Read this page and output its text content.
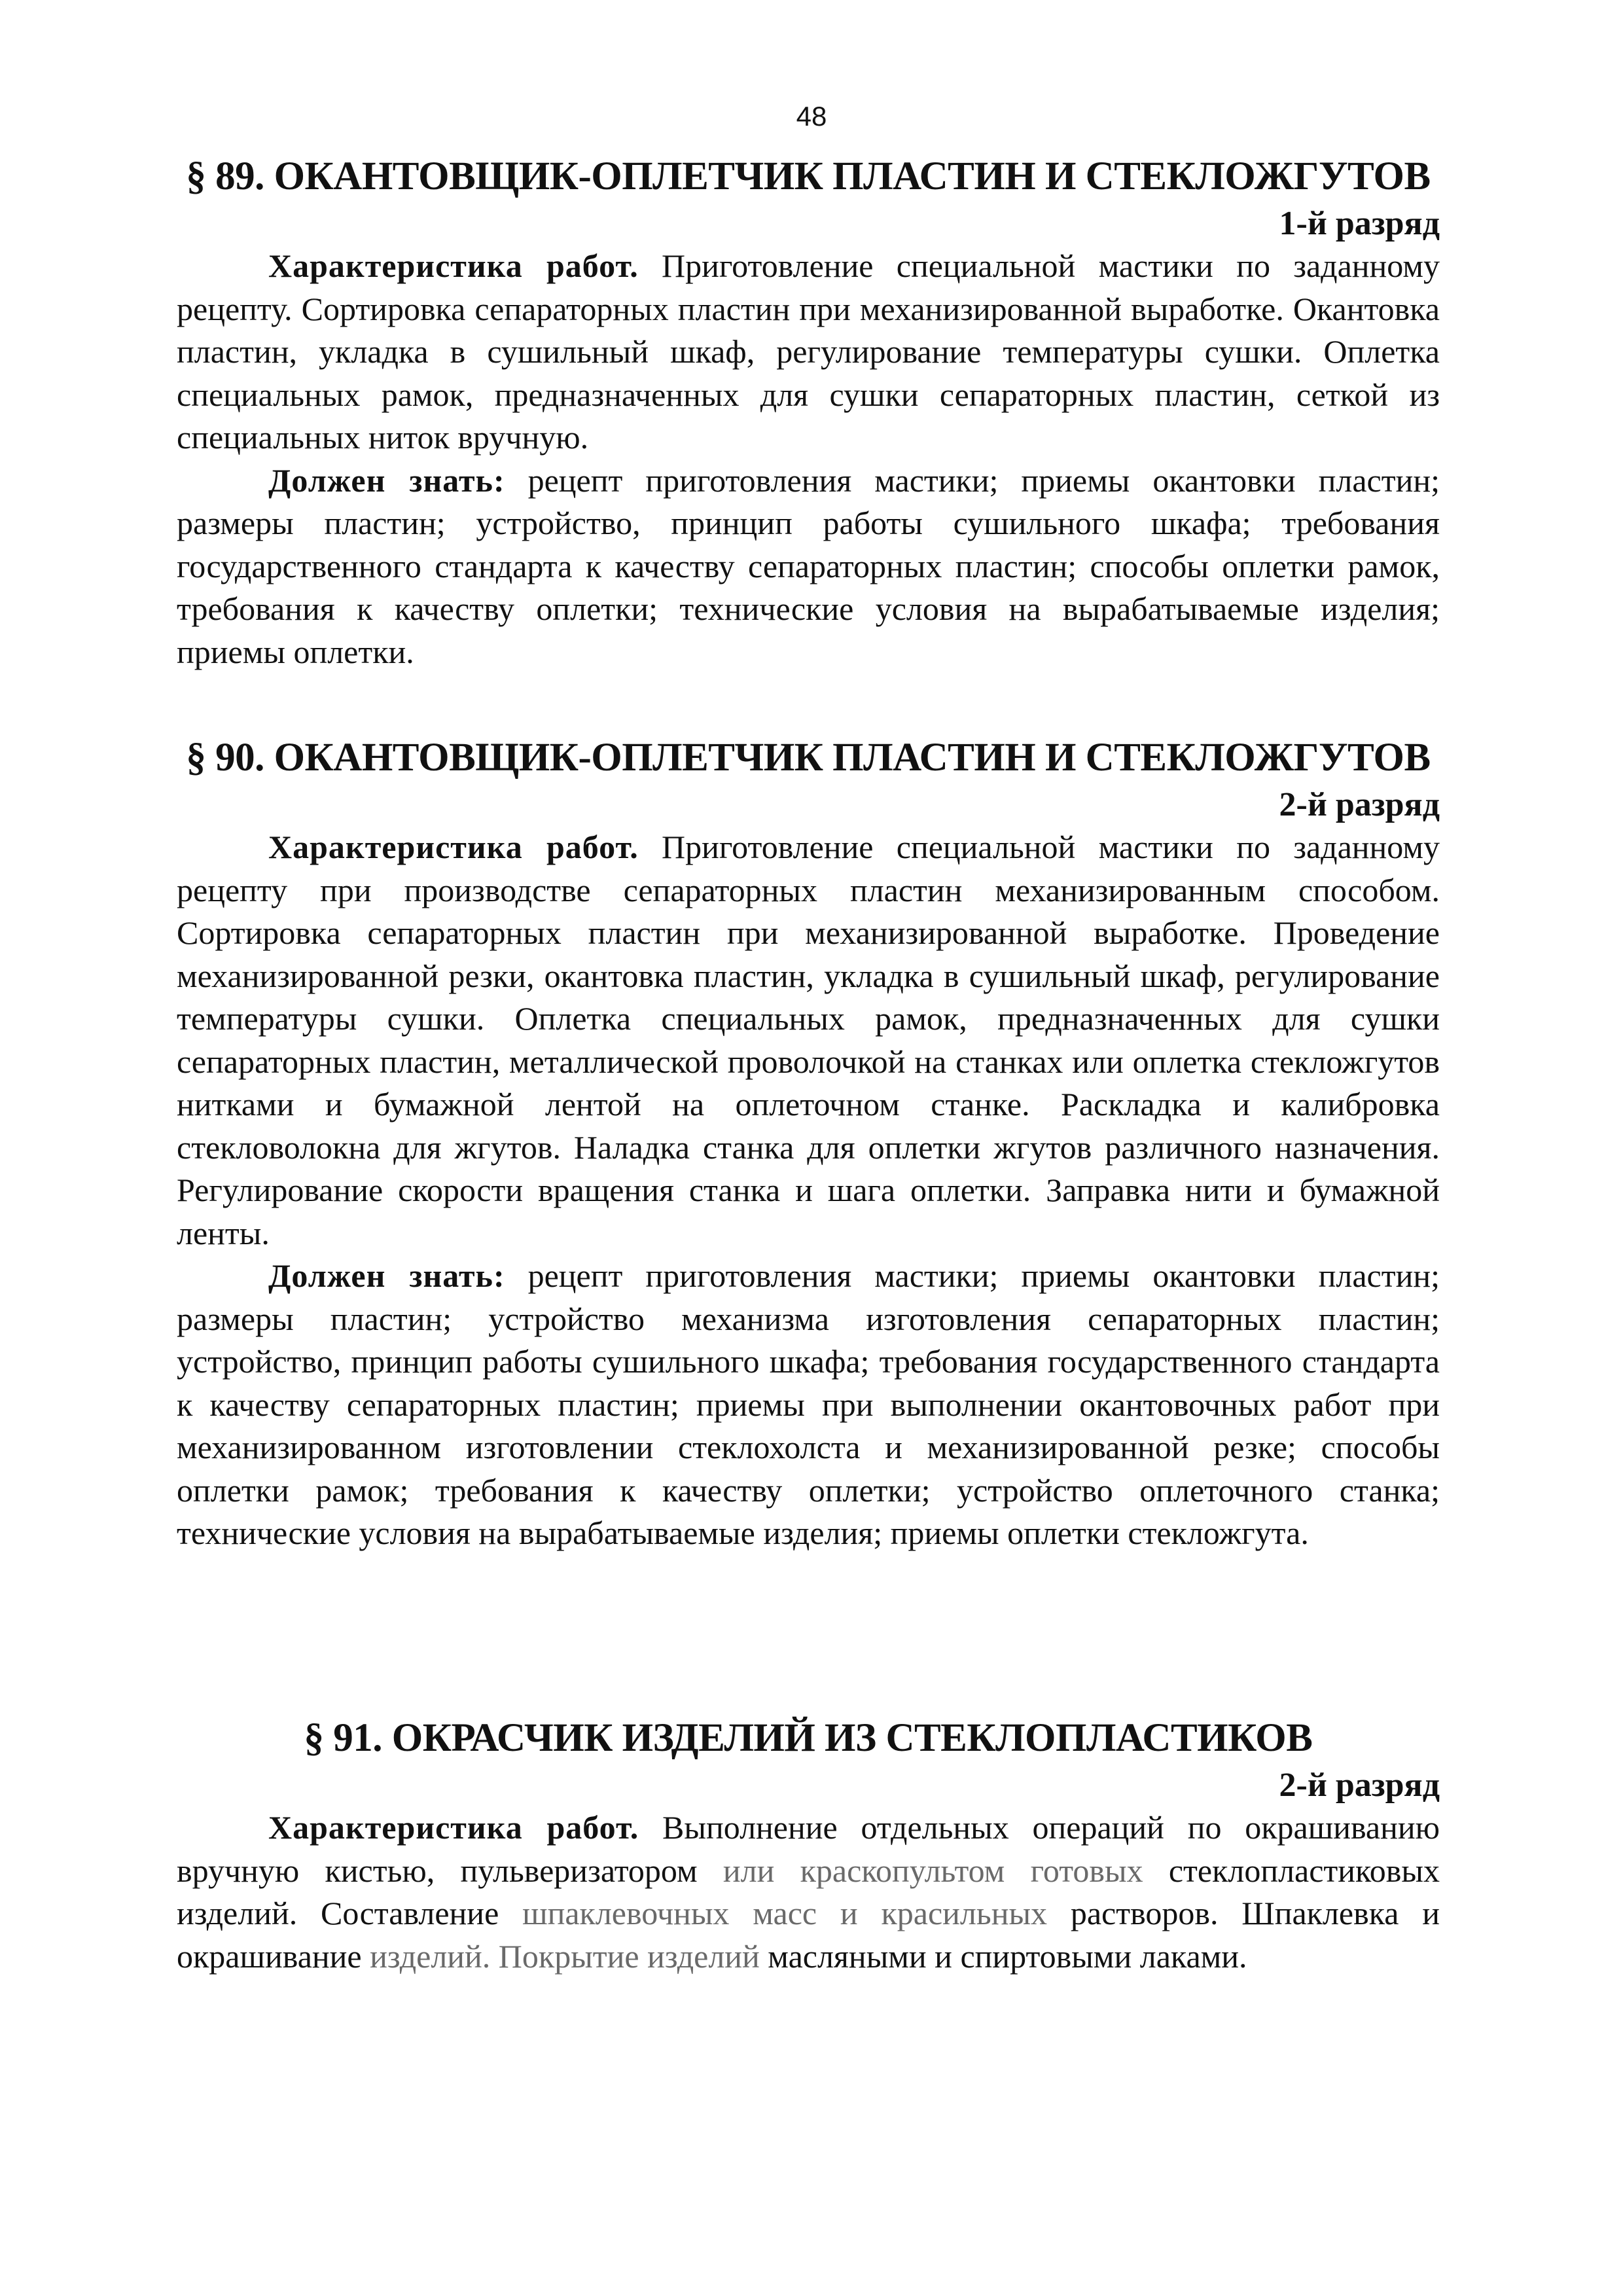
48
§ 89. ОКАНТОВЩИК-ОПЛЕТЧИК ПЛАСТИН И СТЕКЛОЖГУТОВ
1-й разряд

Характеристика работ. Приготовление специальной мастики по заданному рецепту. Сортировка сепараторных пластин при механизированной выработке. Окантовка пластин, укладка в сушильный шкаф, регулирование температуры сушки. Оплетка специальных рамок, предназначенных для сушки сепараторных пластин, сеткой из специальных ниток вручную.

Должен знать: рецепт приготовления мастики; приемы окантовки пластин; размеры пластин; устройство, принцип работы сушильного шкафа; требования государственного стандарта к качеству сепараторных пластин; способы оплетки рамок, требования к качеству оплетки; технические условия на вырабатываемые изделия; приемы оплетки.

§ 90. ОКАНТОВЩИК-ОПЛЕТЧИК ПЛАСТИН И СТЕКЛОЖГУТОВ
2-й разряд

Характеристика работ. Приготовление специальной мастики по заданному рецепту при производстве сепараторных пластин механизированным способом. Сортировка сепараторных пластин при механизированной выработке. Проведение механизированной резки, окантовка пластин, укладка в сушильный шкаф, регулирование температуры сушки. Оплетка специальных рамок, предназначенных для сушки сепараторных пластин, металлической проволочкой на станках или оплетка стекложгутов нитками и бумажной лентой на оплеточном станке. Раскладка и калибровка стекловолокна для жгутов. Наладка станка для оплетки жгутов различного назначения. Регулирование скорости вращения станка и шага оплетки. Заправка нити и бумажной ленты.

Должен знать: рецепт приготовления мастики; приемы окантовки пластин; размеры пластин; устройство механизма изготовления сепараторных пластин; устройство, принцип работы сушильного шкафа; требования государственного стандарта к качеству сепараторных пластин; приемы при выполнении окантовочных работ при механизированном изготовлении стеклохолста и механизированной резке; способы оплетки рамок; требования к качеству оплетки; устройство оплеточного станка; технические условия на вырабатываемые изделия; приемы оплетки стекложгута.

§ 91. ОКРАСЧИК ИЗДЕЛИЙ ИЗ СТЕКЛОПЛАСТИКОВ
2-й разряд

Характеристика работ. Выполнение отдельных операций по окрашиванию вручную кистью, пульверизатором или краскопультом готовых стеклопластиковых изделий. Составление шпаклевочных масс и красильных растворов. Шпаклевка и окрашивание изделий. Покрытие изделий масляными и спиртовыми лаками.
